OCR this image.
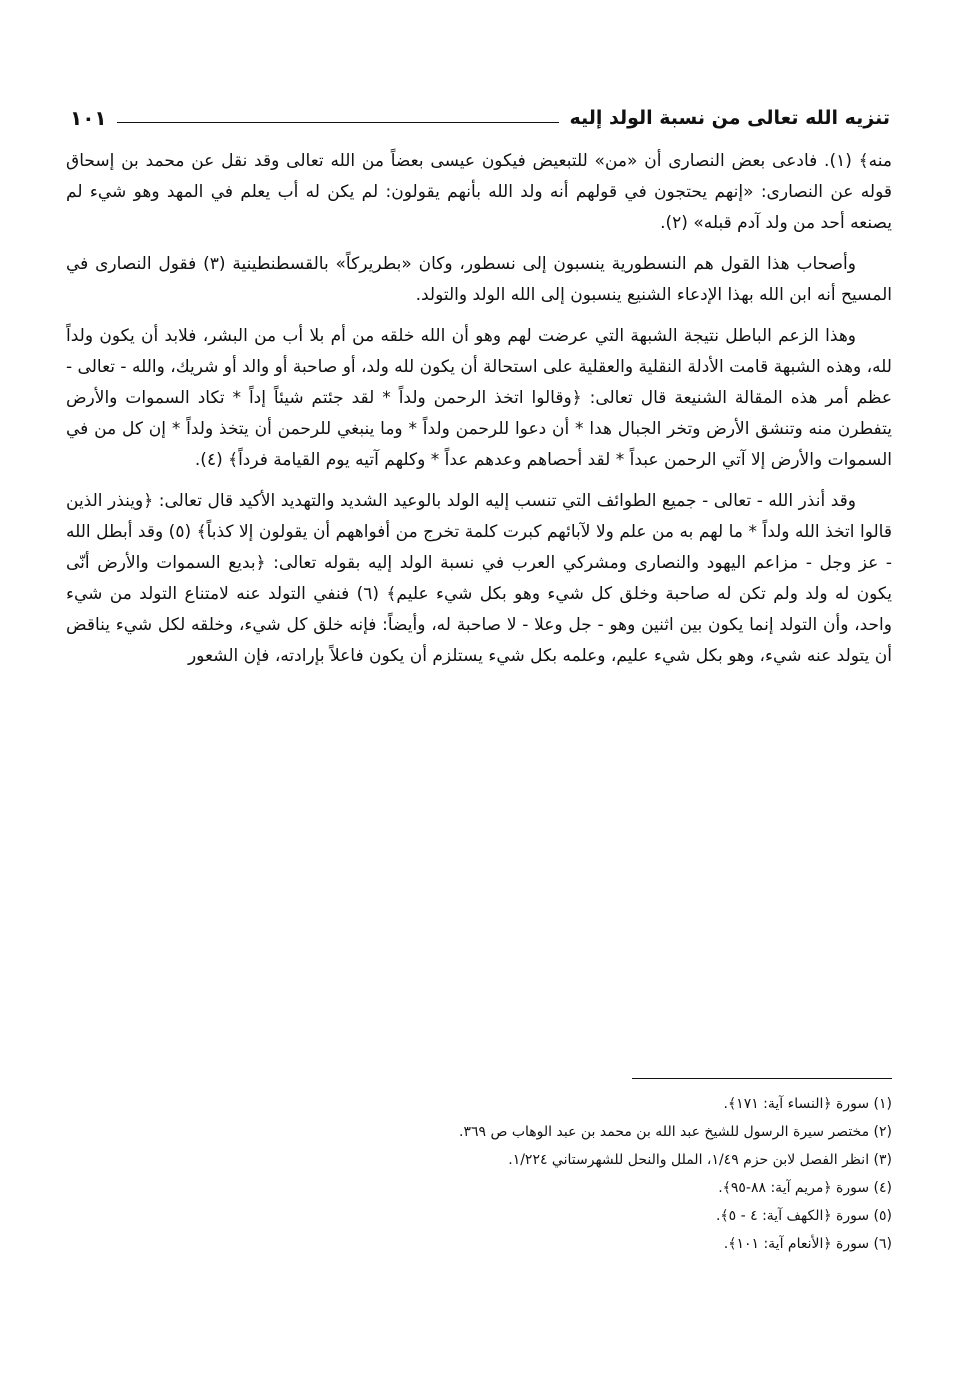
تنزيه الله تعالى من نسبة الولد إليه
١٠١

منه﴾ (١). فادعى بعض النصارى أن «من» للتبعيض فيكون عيسى بعضاً من الله تعالى وقد نقل عن محمد بن إسحاق قوله عن النصارى: «إنهم يحتجون في قولهم أنه ولد الله بأنهم يقولون: لم يكن له أب يعلم في المهد وهو شيء لم يصنعه أحد من ولد آدم قبله» (٢).

وأصحاب هذا القول هم النسطورية ينسبون إلى نسطور، وكان «بطريركاً» بالقسطنطينية (٣) فقول النصارى في المسيح أنه ابن الله بهذا الإدعاء الشنيع ينسبون إلى الله الولد والتولد.

وهذا الزعم الباطل نتيجة الشبهة التي عرضت لهم وهو أن الله خلقه من أم بلا أب من البشر، فلابد أن يكون ولداً لله، وهذه الشبهة قامت الأدلة النقلية والعقلية على استحالة أن يكون لله ولد، أو صاحبة أو والد أو شريك، والله - تعالى - عظم أمر هذه المقالة الشنيعة قال تعالى: ﴿وقالوا اتخذ الرحمن ولداً * لقد جئتم شيئاً إداً * تكاد السموات والأرض يتفطرن منه وتنشق الأرض وتخر الجبال هدا * أن دعوا للرحمن ولداً * وما ينبغي للرحمن أن يتخذ ولداً * إن كل من في السموات والأرض إلا آتي الرحمن عبداً * لقد أحصاهم وعدهم عداً * وكلهم آتيه يوم القيامة فرداً﴾ (٤).

وقد أنذر الله - تعالى - جميع الطوائف التي تنسب إليه الولد بالوعيد الشديد والتهديد الأكيد قال تعالى: ﴿وينذر الذين قالوا اتخذ الله ولداً * ما لهم به من علم ولا لآبائهم كبرت كلمة تخرج من أفواههم أن يقولون إلا كذباً﴾ (٥) وقد أبطل الله - عز وجل - مزاعم اليهود والنصارى ومشركي العرب في نسبة الولد إليه بقوله تعالى: ﴿بديع السموات والأرض أنّى يكون له ولد ولم تكن له صاحبة وخلق كل شيء وهو بكل شيء عليم﴾ (٦) فنفي التولد عنه لامتناع التولد من شيء واحد، وأن التولد إنما يكون بين اثنين وهو - جل وعلا - لا صاحبة له، وأيضاً: فإنه خلق كل شيء، وخلقه لكل شيء يناقض أن يتولد عنه شيء، وهو بكل شيء عليم، وعلمه بكل شيء يستلزم أن يكون فاعلاً بإرادته، فإن الشعور

(١) سورة ﴿النساء آية: ١٧١﴾.
(٢) مختصر سيرة الرسول للشيخ عبد الله بن محمد بن عبد الوهاب ص ٣٦٩.
(٣) انظر الفصل لابن حزم ١/٤٩، الملل والنحل للشهرستاني ١/٢٢٤.
(٤) سورة ﴿مريم آية: ٨٨-٩٥﴾.
(٥) سورة ﴿الكهف آية: ٤ - ٥﴾.
(٦) سورة ﴿الأنعام آية: ١٠١﴾.
